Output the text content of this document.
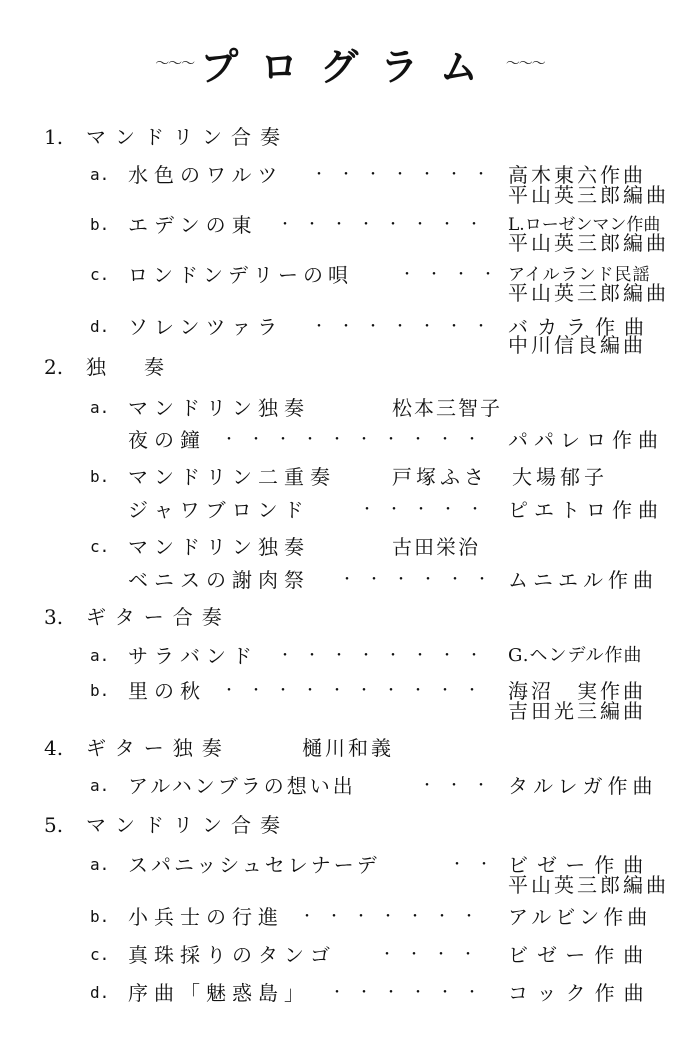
〜〜〜 プログラム 〜〜〜
1.	マンドリン合奏
a. 水色のワルツ ・・・・・・・ 高木東六作曲
平山英三郎編曲
b. エデンの東 ・・・・・・・・ L.ローゼンマン作曲
平山英三郎編曲
c. ロンドンデリーの唄	・・・・ アイルランド民謡
平山英三郎編曲
d. ソレンツァラ ・・・・・・・ バカラ作曲
中川信良編曲
2.	独　奏
a. マンドリン独奏	松本三智子
夜の鐘 ・・・・・・・・・・ パパレロ作曲
b. マンドリン二重奏	戸塚ふさ　大場郁子
ジャワブロンド	・・・・・ ピエトロ作曲
c. マンドリン独奏	古田栄治
ベニスの謝肉祭 ・・・・・・ ムニエル作曲
3.	ギター合奏
a. サラバンド ・・・・・・・・ G.ヘンデル作曲
b. 里の秋 ・・・・・・・・・・ 海沼　実作曲
吉田光三編曲
4.	ギター独奏	樋川和義
a. アルハンブラの想い出	・・・ タルレガ作曲
5.	マンドリン合奏
a. スパニッシュセレナーデ	・・ ビゼー作曲
平山英三郎編曲
b. 小兵士の行進 ・・・・・・・ アルビン作曲
c. 真珠採りのタンゴ	・・・・ ビゼー作曲
d. 序曲「魅惑島」 ・・・・・・ コック作曲
